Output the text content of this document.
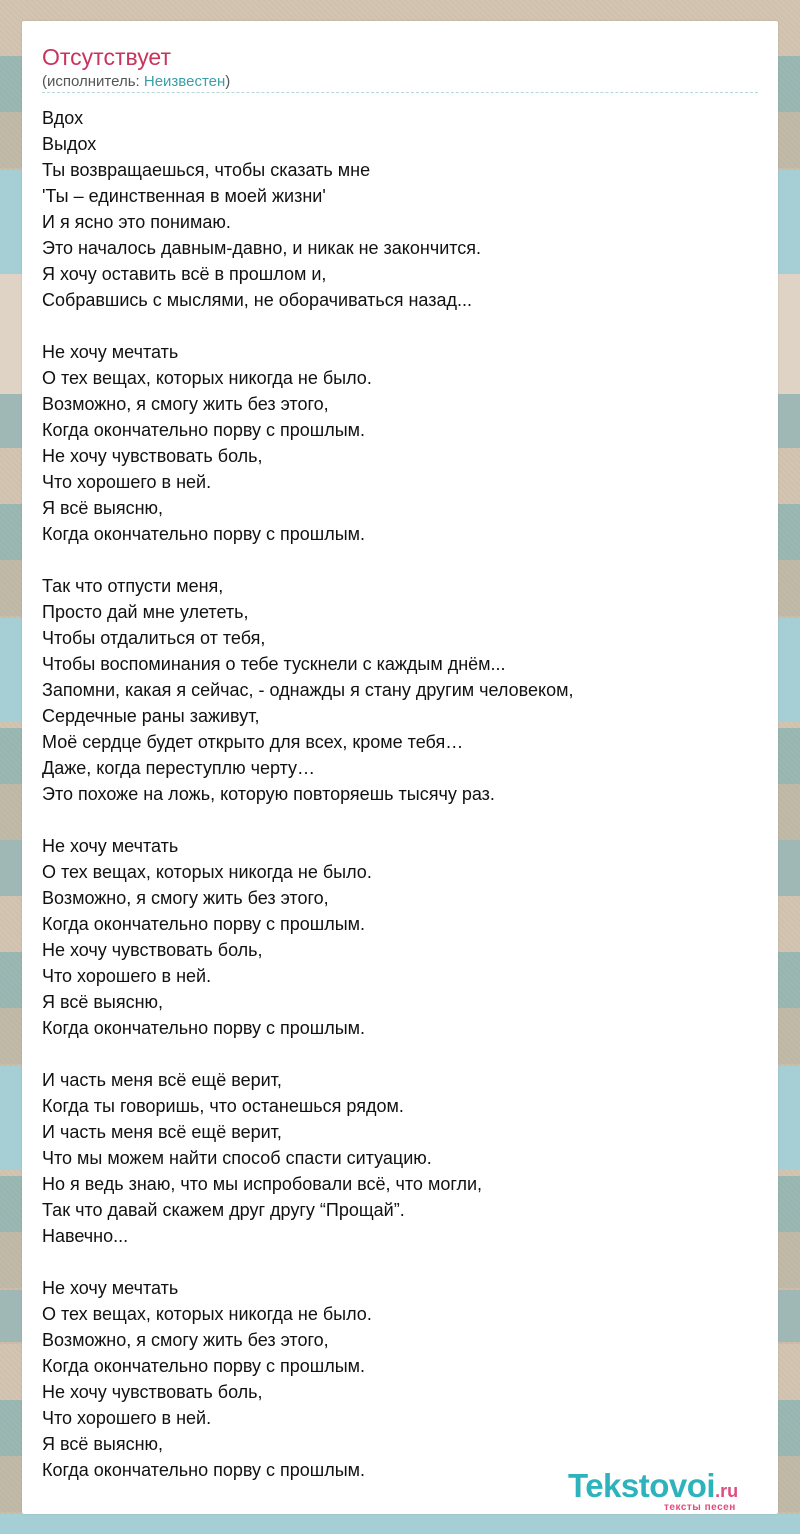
Отсутствует
(исполнитель: Неизвестен)
Вдох
Выдох
Ты возвращаешься, чтобы сказать мне
'Ты – единственная в моей жизни'
И я ясно это понимаю.
Это началось давным-давно, и никак не закончится.
Я хочу оставить всё в прошлом и,
Собравшись с мыслями, не оборачиваться назад...
Не хочу мечтать
О тех вещах, которых никогда не было.
Возможно, я смогу жить без этого,
Когда окончательно порву с прошлым.
Не хочу чувствовать боль,
Что хорошего в ней.
Я всё выясню,
Когда окончательно порву с прошлым.
Так что отпусти меня,
Просто дай мне улететь,
Чтобы отдалиться от тебя,
Чтобы воспоминания о тебе тускнели с каждым днём...
Запомни, какая я сейчас, - однажды я стану другим человеком,
Сердечные раны заживут,
Моё сердце будет открыто для всех, кроме тебя…
Даже, когда переступлю черту…
Это похоже на ложь, которую повторяешь тысячу раз.
Не хочу мечтать
О тех вещах, которых никогда не было.
Возможно, я смогу жить без этого,
Когда окончательно порву с прошлым.
Не хочу чувствовать боль,
Что хорошего в ней.
Я всё выясню,
Когда окончательно порву с прошлым.
И часть меня всё ещё верит,
Когда ты говоришь, что останешься рядом.
И часть меня всё ещё верит,
Что мы можем найти способ спасти ситуацию.
Но я ведь знаю, что мы испробовали всё, что могли,
Так что давай скажем друг другу “Прощай”.
Навечно...
Не хочу мечтать
О тех вещах, которых никогда не было.
Возможно, я смогу жить без этого,
Когда окончательно порву с прошлым.
Не хочу чувствовать боль,
Что хорошего в ней.
Я всё выясню,
Когда окончательно порву с прошлым.	Tekstovoi.ru
тексты песен
